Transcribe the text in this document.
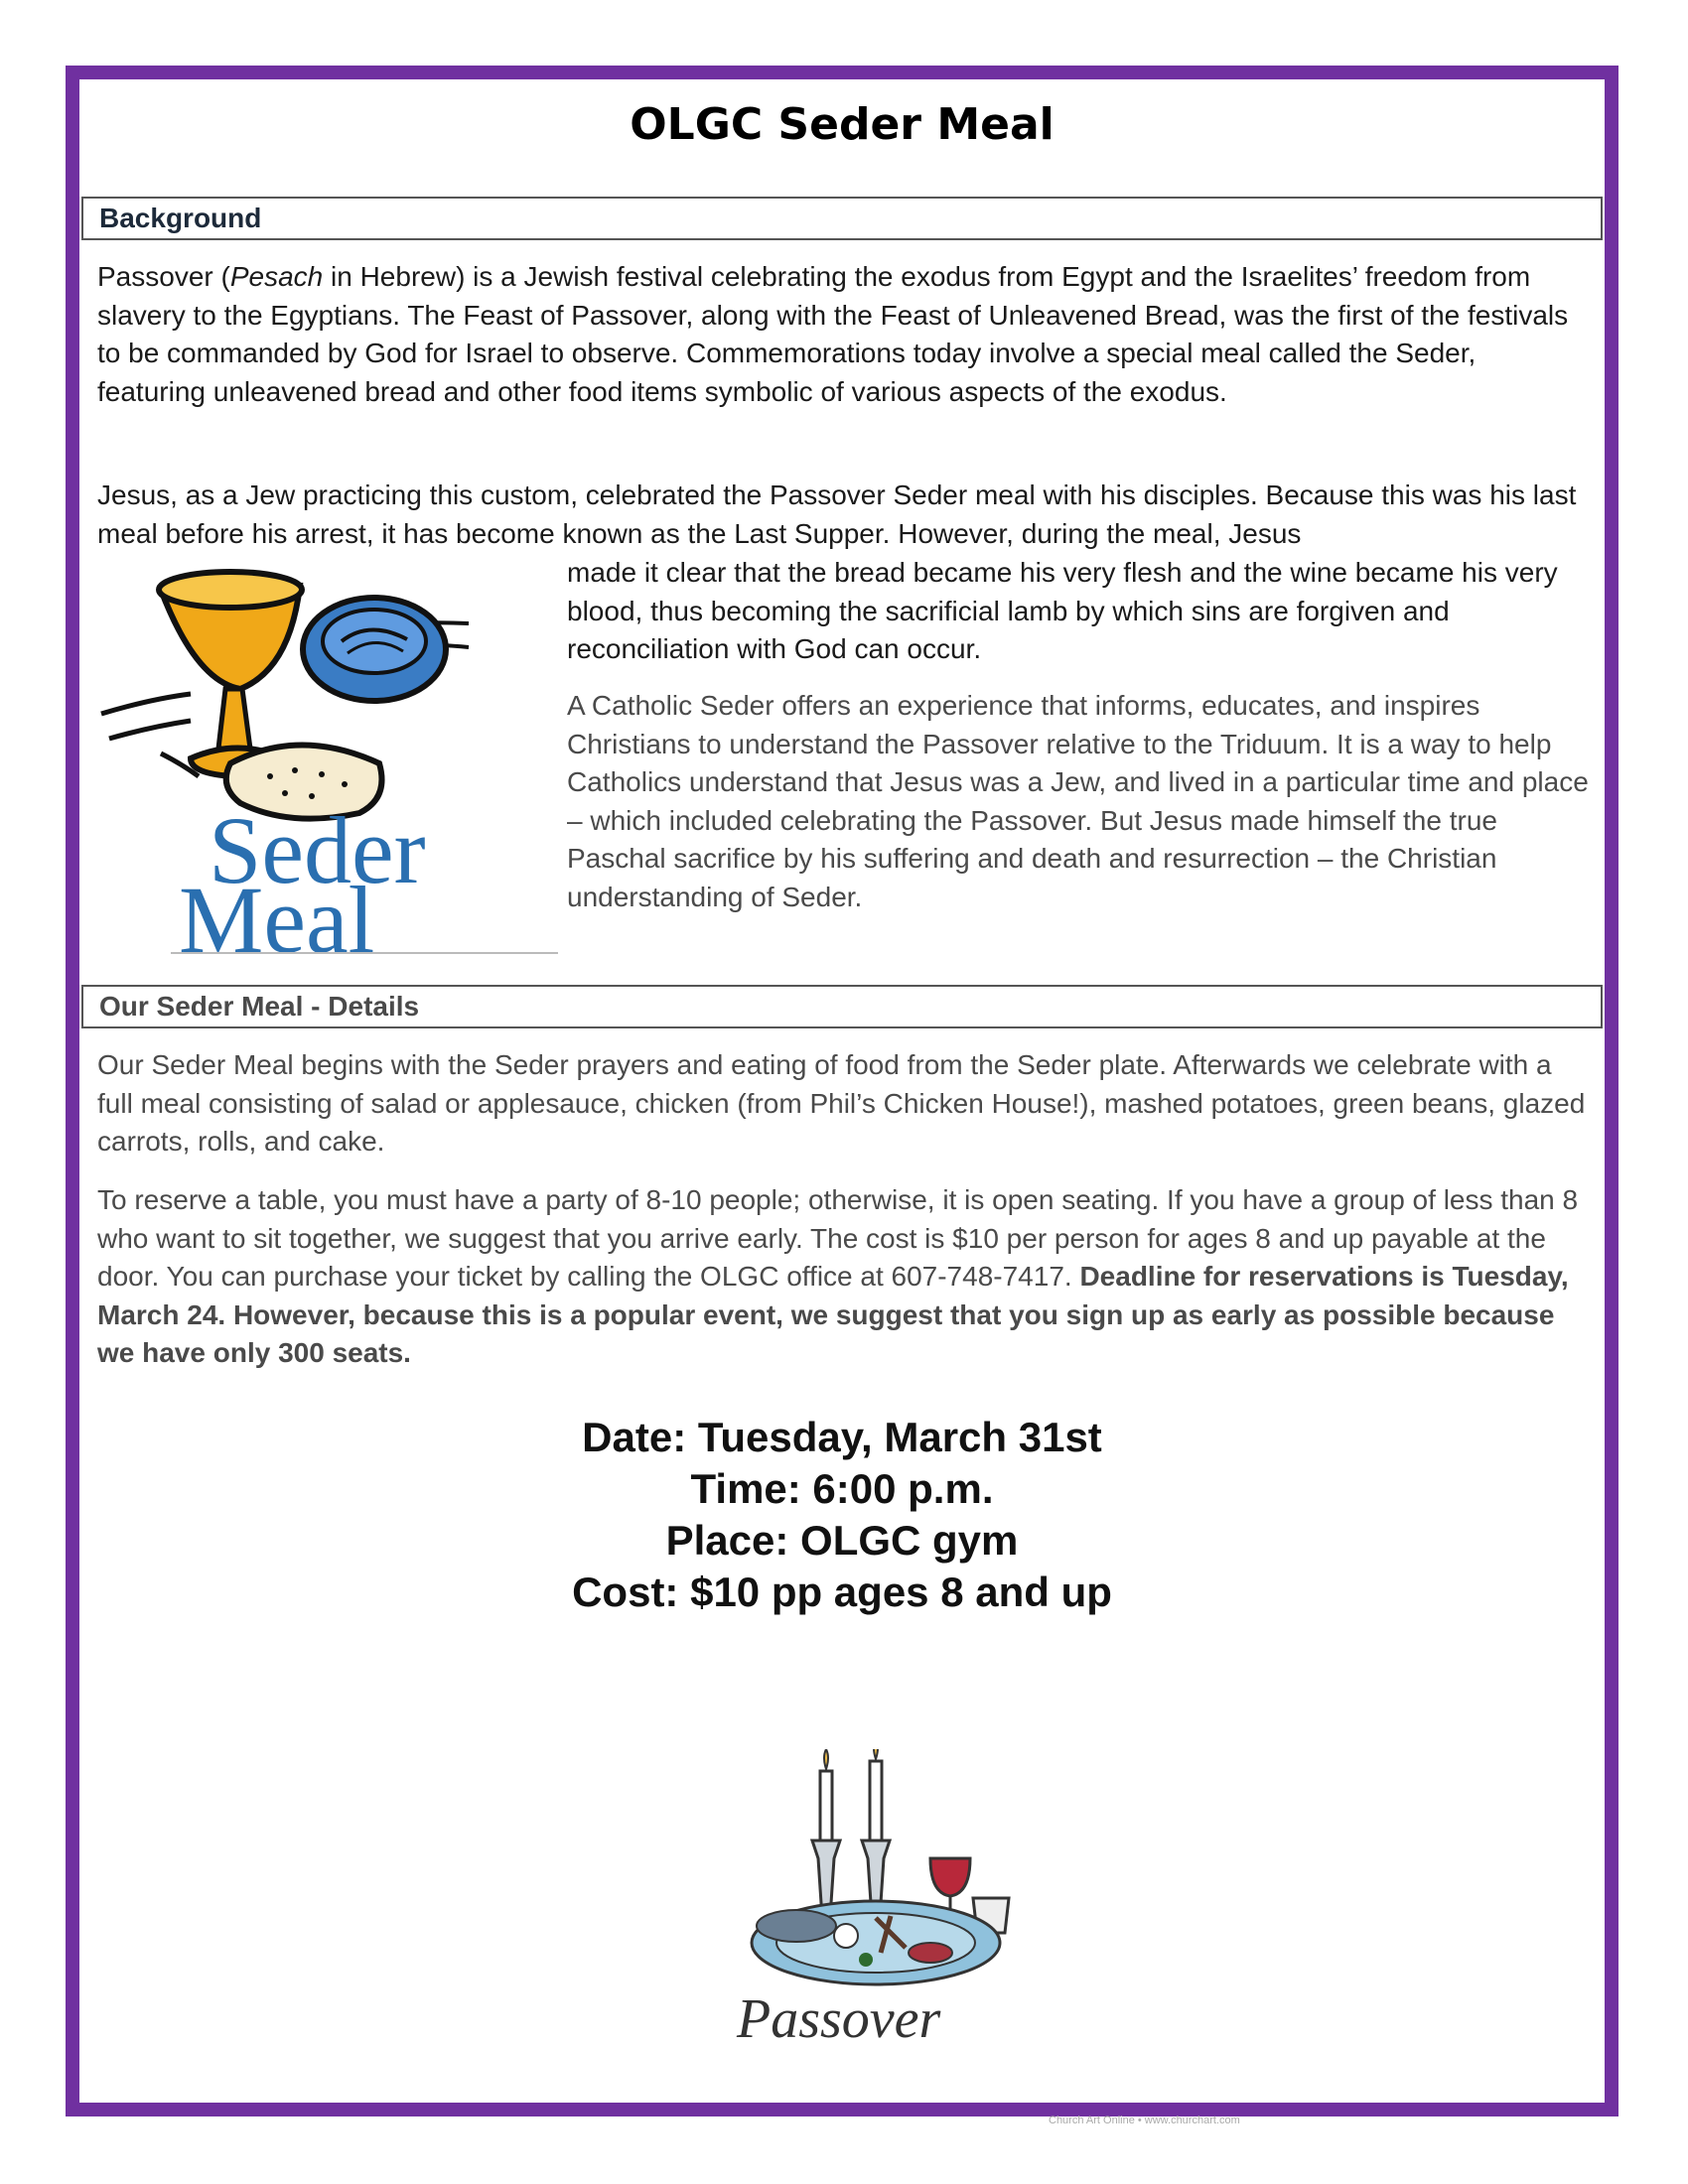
OLGC Seder Meal
Background

Passover (Pesach in Hebrew) is a Jewish festival celebrating the exodus from Egypt and the Israelites’ freedom from slavery to the Egyptians. The Feast of Passover, along with the Feast of Unleavened Bread, was the first of the festivals to be commanded by God for Israel to observe. Commemorations today involve a special meal called the Seder, featuring unleavened bread and other food items symbolic of various aspects of the exodus.

Jesus, as a Jew practicing this custom, celebrated the Passover Seder meal with his disciples. Because this was his last meal before his arrest, it has become known as the Last Supper. However, during the meal, Jesus

made it clear that the bread became his very flesh and the wine became his very blood, thus becoming the sacrificial lamb by which sins are forgiven and reconciliation with God can occur.

A Catholic Seder offers an experience that informs, educates, and inspires Christians to understand the Passover relative to the Triduum. It is a way to help Catholics understand that Jesus was a Jew, and lived in a particular time and place – which included celebrating the Passover. But Jesus made himself the true Paschal sacrifice by his suffering and death and resurrection – the Christian understanding of Seder.

Seder
Meal
Our Seder Meal - Details

Our Seder Meal begins with the Seder prayers and eating of food from the Seder plate. Afterwards we celebrate with a full meal consisting of salad or applesauce, chicken (from Phil’s Chicken House!), mashed potatoes, green beans, glazed carrots, rolls, and cake.

To reserve a table, you must have a party of 8-10 people; otherwise, it is open seating. If you have a group of less than 8 who want to sit together, we suggest that you arrive early. The cost is $10 per person for ages 8 and up payable at the door. You can purchase your ticket by calling the OLGC office at 607-748-7417. Deadline for reservations is Tuesday, March 24. However, because this is a popular event, we suggest that you sign up as early as possible because we have only 300 seats.

Date: Tuesday, March 31st
Time: 6:00 p.m.
Place: OLGC gym
Cost: $10 pp ages 8 and up
Passover
Church Art Online • www.churchart.com
